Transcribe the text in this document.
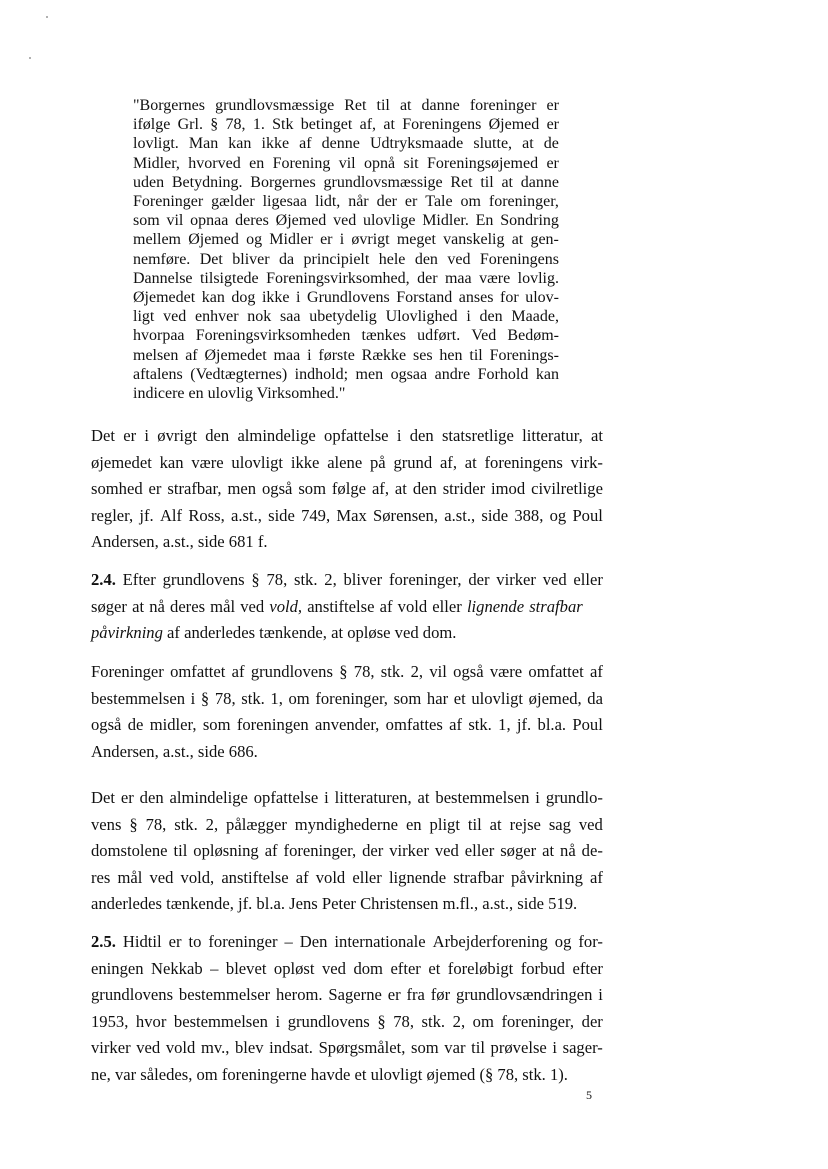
"Borgernes grundlovsmæssige Ret til at danne foreninger er
ifølge Grl. § 78, 1. Stk betinget af, at Foreningens Øjemed er
lovligt. Man kan ikke af denne Udtryksmaade slutte, at de
Midler, hvorved en Forening vil opnå sit Foreningsøjemed er
uden Betydning. Borgernes grundlovsmæssige Ret til at danne
Foreninger gælder ligesaa lidt, når der er Tale om foreninger,
som vil opnaa deres Øjemed ved ulovlige Midler. En Sondring
mellem Øjemed og Midler er i øvrigt meget vanskelig at gen-
nemføre. Det bliver da principielt hele den ved Foreningens
Dannelse tilsigtede Foreningsvirksomhed, der maa være lovlig.
Øjemedet kan dog ikke i Grundlovens Forstand anses for ulov-
ligt ved enhver nok saa ubetydelig Ulovlighed i den Maade,
hvorpaa Foreningsvirksomheden tænkes udført. Ved Bedøm-
melsen af Øjemedet maa i første Række ses hen til Forenings-
aftalens (Vedtægternes) indhold; men ogsaa andre Forhold kan
indicere en ulovlig Virksomhed."
Det er i øvrigt den almindelige opfattelse i den statsretlige litteratur, at
øjemedet kan være ulovligt ikke alene på grund af, at foreningens virk-
somhed er strafbar, men også som følge af, at den strider imod civilretlige
regler, jf. Alf Ross, a.st., side 749, Max Sørensen, a.st., side 388, og Poul
Andersen, a.st., side 681 f.
2.4. Efter grundlovens § 78, stk. 2, bliver foreninger, der virker ved eller
søger at nå deres mål ved vold, anstiftelse af vold eller lignende strafbar
påvirkning af anderledes tænkende, at opløse ved dom.
Foreninger omfattet af grundlovens § 78, stk. 2, vil også være omfattet af
bestemmelsen i § 78, stk. 1, om foreninger, som har et ulovligt øjemed, da
også de midler, som foreningen anvender, omfattes af stk. 1, jf. bl.a. Poul
Andersen, a.st., side 686.
Det er den almindelige opfattelse i litteraturen, at bestemmelsen i grundlo-
vens § 78, stk. 2, pålægger myndighederne en pligt til at rejse sag ved
domstolene til opløsning af foreninger, der virker ved eller søger at nå de-
res mål ved vold, anstiftelse af vold eller lignende strafbar påvirkning af
anderledes tænkende, jf. bl.a. Jens Peter Christensen m.fl., a.st., side 519.
2.5. Hidtil er to foreninger – Den internationale Arbejderforening og for-
eningen Nekkab – blevet opløst ved dom efter et foreløbigt forbud efter
grundlovens bestemmelser herom. Sagerne er fra før grundlovsændringen i
1953, hvor bestemmelsen i grundlovens § 78, stk. 2, om foreninger, der
virker ved vold mv., blev indsat. Spørgsmålet, som var til prøvelse i sager-
ne, var således, om foreningerne havde et ulovligt øjemed (§ 78, stk. 1).
5
